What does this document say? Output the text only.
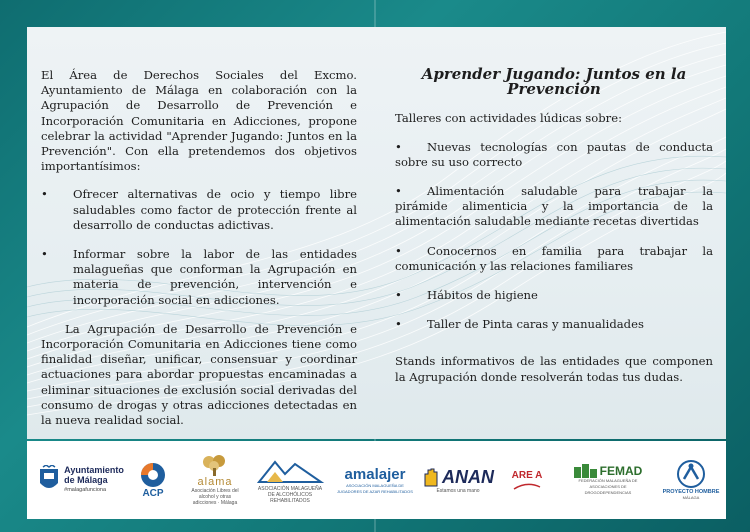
El Área de Derechos Sociales del Excmo. Ayuntamiento de Málaga en colaboración con la Agrupación de Desarrollo de Prevención e Incorporación Comunitaria en Adicciones, propone celebrar la actividad "Aprender Jugando: Juntos en la Prevención". Con ella pretendemos dos objetivos importantísimos:

•	Ofrecer alternativas de ocio y tiempo libre saludables como factor de protección frente al desarrollo de conductas adictivas.
•	Informar sobre la labor de las entidades malagueñas que conforman la Agrupación en materia de prevención, intervención e incorporación social en adicciones.

La Agrupación de Desarrollo de Prevención e Incorporación Comunitaria en Adicciones tiene como finalidad diseñar, unificar, consensuar y coordinar actuaciones para abordar propuestas encaminadas a eliminar situaciones de exclusión social derivadas del consumo de drogas y otras adicciones detectadas en la nueva realidad social.

Aprender Jugando: Juntos en la Prevención

Talleres con actividades lúdicas sobre:

• Nuevas tecnologías con pautas de conducta sobre su uso correcto
• Alimentación saludable para trabajar la pirámide alimenticia y la importancia de la alimentación saludable mediante recetas divertidas
• Conocernos en familia para trabajar la comunicación y las relaciones familiares
• Hábitos de higiene
• Taller de Pinta caras y manualidades

Stands informativos de las entidades que componen la Agrupación donde resolverán todas tus dudas.

Ayuntamiento
de Málaga
#malagafunciona	ACP
alama
Asociación Libres del alcohol y otras adicciones · Málaga
ASOCIACIÓN MALAGUEÑA DE ALCOHÓLICOS REHABILITADOS
amalajer
ASOCIACIÓN MALAGUEÑA DE JUGADORES DE AZAR REHABILITADOS
ANAN
Estamos una mano
ARE A	FEMAD
FEDERACIÓN MALAGUEÑA DE ASOCIACIONES DE DROGODEPENDENCIAS	PROYECTO HOMBRE
MÁLAGA
